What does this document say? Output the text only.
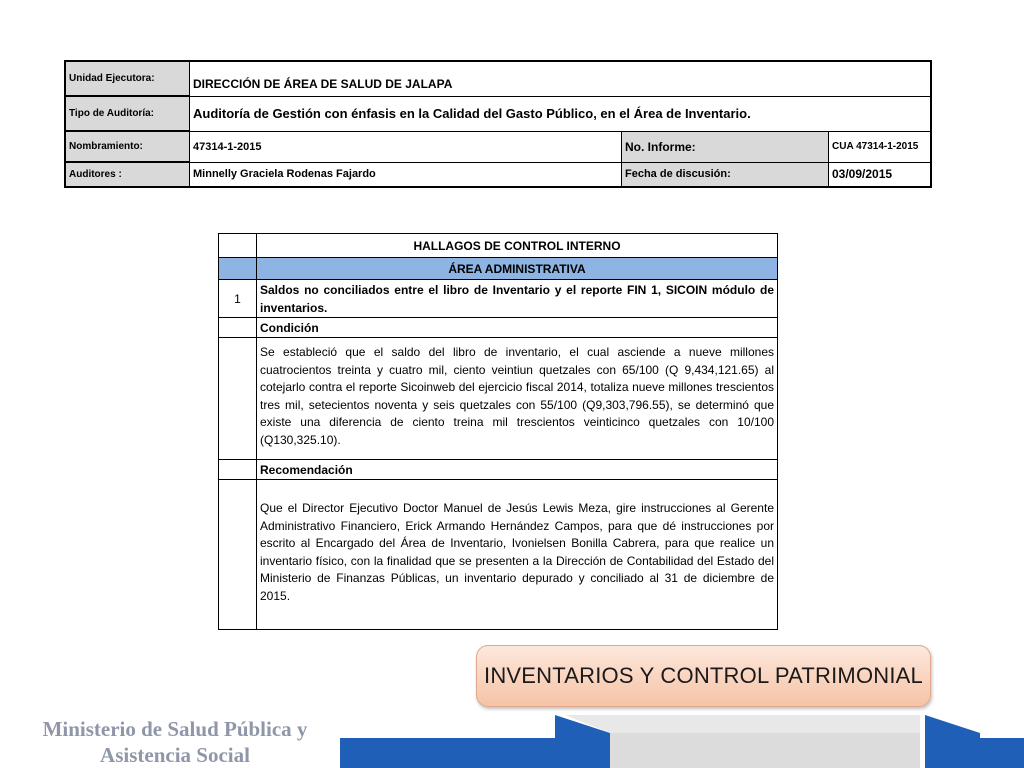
Unidad Ejecutora:	DIRECCIÓN DE ÁREA DE SALUD DE JALAPA		
Tipo de Auditoría:	Auditoría de Gestión con énfasis en la Calidad del Gasto Público, en el Área de Inventario.		
Nombramiento:	47314-1-2015	No. Informe:	CUA 47314-1-2015
Auditores :	Minnelly Graciela Rodenas Fajardo	Fecha de discusión:	03/09/2015
	HALLAGOS DE CONTROL INTERNO
	ÁREA ADMINISTRATIVA
1	Saldos no conciliados entre el libro de Inventario y el reporte FIN 1, SICOIN módulo de inventarios.
	Condición
	Se estableció que el saldo del libro de inventario, el cual asciende a nueve millones cuatrocientos treinta y cuatro mil, ciento veintiun quetzales con 65/100 (Q 9,434,121.65) al cotejarlo contra el reporte Sicoinweb del ejercicio fiscal 2014, totaliza nueve millones trescientos tres mil, setecientos noventa y seis quetzales con 55/100 (Q9,303,796.55), se determinó que existe una diferencia de ciento treina mil trescientos veinticinco quetzales con 10/100 (Q130,325.10).
	Recomendación
	Que el Director Ejecutivo Doctor Manuel de Jesús Lewis Meza, gire instrucciones al Gerente Administrativo Financiero, Erick Armando Hernández Campos, para que dé instrucciones por escrito al Encargado del Área de Inventario, Ivonielsen Bonilla Cabrera, para que realice un inventario físico, con la finalidad que se presenten a la Dirección de Contabilidad del Estado del Ministerio de Finanzas Públicas, un inventario depurado y conciliado al 31 de diciembre de 2015.
INVENTARIOS Y CONTROL PATRIMONIAL
Ministerio de Salud Pública y Asistencia Social
